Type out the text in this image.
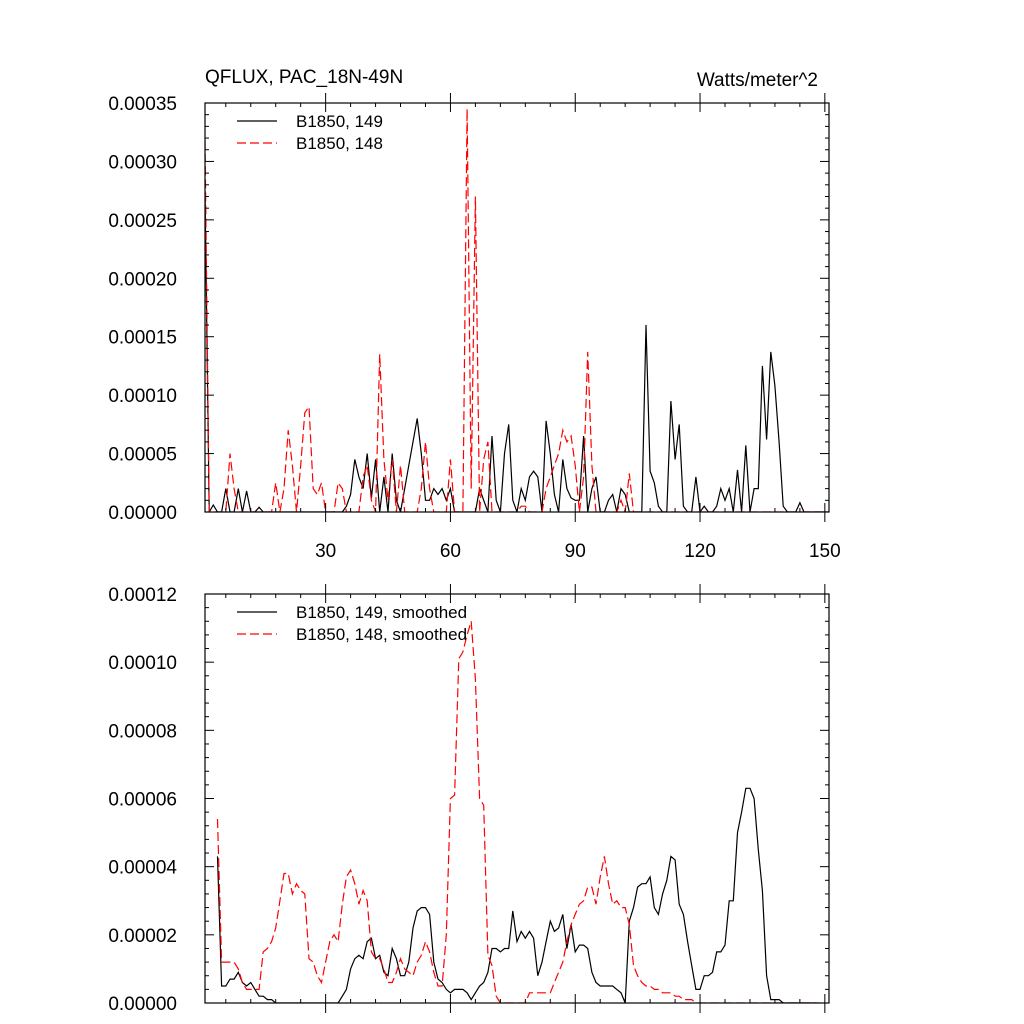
QFLUX, PAC_18N-49N	Watts/meter^2
0.00000
0.00005
0.00010
0.00015
0.00020
0.00025
0.00030
0.00035
30	60	90	120	150
B1850, 149
B1850, 148
0.00000
0.00002
0.00004
0.00006
0.00008
0.00010
0.00012
B1850, 149, smoothed
B1850, 148, smoothed
